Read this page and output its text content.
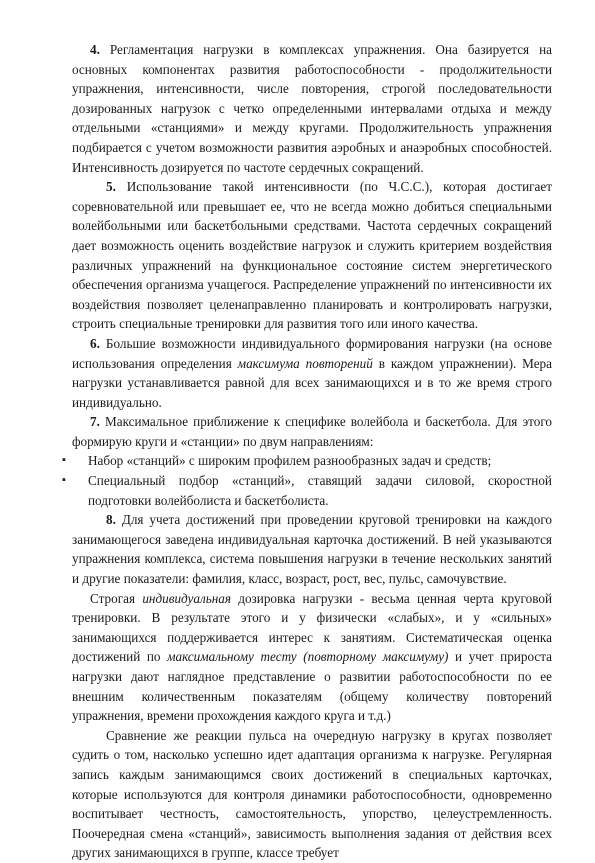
4. Регламентация нагрузки в комплексах упражнения. Она базируется на основных компонентах развития работоспособности - продолжительности упражнения, интенсивности, числе повторения, строгой последовательности дозированных нагрузок с четко определенными интервалами отдыха и между отдельными «станциями» и между кругами. Продолжительность упражнения подбирается с учетом возможности развития аэробных и анаэробных способностей. Интенсивность дозируется по частоте сердечных сокращений.

5. Использование такой интенсивности (по Ч.С.С.), которая достигает соревновательной или превышает ее, что не всегда можно добиться специальными волейбольными или баскетбольными средствами. Частота сердечных сокращений дает возможность оценить воздействие нагрузок и служить критерием воздействия различных упражнений на функциональное состояние систем энергетического обеспечения организма учащегося. Распределение упражнений по интенсивности их воздействия позволяет целенаправленно планировать и контролировать нагрузки, строить специальные тренировки для развития того или иного качества.

6. Большие возможности индивидуального формирования нагрузки (на основе использования определения максимума повторений в каждом упражнении). Мера нагрузки устанавливается равной для всех занимающихся и в то же время строго индивидуально.

7. Максимальное приближение к специфике волейбола и баскетбола. Для этого формирую круги и «станции» по двум направлениям:

▪ Набор «станций» с широким профилем разнообразных задач и средств;
▪ Специальный подбор «станций», ставящий задачи силовой, скоростной подготовки волейболиста и баскетболиста.

8. Для учета достижений при проведении круговой тренировки на каждого занимающегося заведена индивидуальная карточка достижений. В ней указываются упражнения комплекса, система повышения нагрузки в течение нескольких занятий и другие показатели: фамилия, класс, возраст, рост, вес, пульс, самочувствие.

Строгая индивидуальная дозировка нагрузки - весьма ценная черта круговой тренировки. В результате этого и у физически «слабых», и у «сильных» занимающихся поддерживается интерес к занятиям. Систематическая оценка достижений по максимальному тесту (повторному максимуму) и учет прироста нагрузки дают наглядное представление о развитии работоспособности по ее внешним количественным показателям (общему количеству повторений упражнения, времени прохождения каждого круга и т.д.)

Сравнение же реакции пульса на очередную нагрузку в кругах позволяет судить о том, насколько успешно идет адаптация организма к нагрузке. Регулярная запись каждым занимающимся своих достижений в специальных карточках, которые используются для контроля динамики работоспособности, одновременно воспитывает честность, самостоятельность, упорство, целеустремленность. Поочередная смена «станций», зависимость выполнения задания от действия всех других занимающихся в группе, классе требует
